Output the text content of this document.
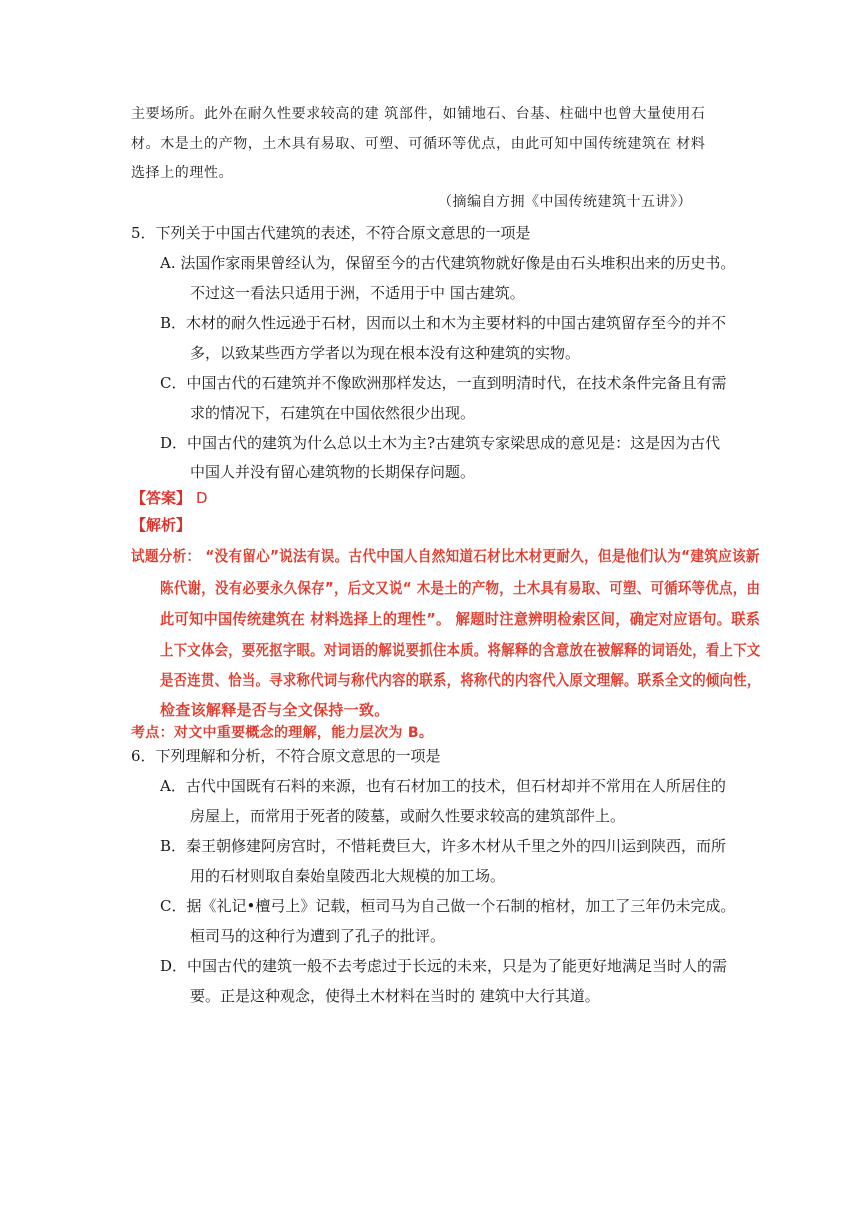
主要场所。此外在耐久性要求较高的建 筑部件，如铺地石、台基、柱础中也曾大量使用石
材。木是土的产物，土木具有易取、可塑、可循环等优点，由此可知中国传统建筑在 材料
选择上的理性。
（摘编自方拥《中国传统建筑十五讲》）
5．下列关于中国古代建筑的表述，不符合原文意思的一项是
A. 法国作家雨果曾经认为，保留至今的古代建筑物就好像是由石头堆积出来的历史书。
不过这一看法只适用于洲，不适用于中 国古建筑。
B．木材的耐久性远逊于石材，因而以土和木为主要材料的中国古建筑留存至今的并不
多，以致某些西方学者以为现在根本没有这种建筑的实物。
C．中国古代的石建筑并不像欧洲那样发达，一直到明清时代，在技术条件完备且有需
求的情况下，石建筑在中国依然很少出现。
D．中国古代的建筑为什么总以土木为主?古建筑专家梁思成的意见是：这是因为古代
中国人并没有留心建筑物的长期保存问题。
【答案】 D
【解析】
试题分析： “没有留心”说法有误。古代中国人自然知道石材比木材更耐久，但是他们认为“建筑应该新
陈代谢，没有必要永久保存”，后文又说“ 木是土的产物，土木具有易取、可塑、可循环等优点，由
此可知中国传统建筑在 材料选择上的理性”。 解题时注意辨明检索区间，确定对应语句。联系
上下文体会，要死抠字眼。对词语的解说要抓住本质。将解释的含意放在被解释的词语处，看上下文
是否连贯、恰当。寻求称代词与称代内容的联系，将称代的内容代入原文理解。联系全文的倾向性，
检查该解释是否与全文保持一致。
考点：对文中重要概念的理解，能力层次为 B。
6．下列理解和分析，不符合原文意思的一项是
A．古代中国既有石料的来源，也有石材加工的技术，但石材却并不常用在人所居住的
房屋上，而常用于死者的陵墓，或耐久性要求较高的建筑部件上。
B．秦王朝修建阿房宫时，不惜耗费巨大，许多木材从千里之外的四川运到陕西，而所
用的石材则取自秦始皇陵西北大规模的加工场。
C．据《礼记•檀弓上》记载，桓司马为自己做一个石制的棺材，加工了三年仍未完成。
桓司马的这种行为遭到了孔子的批评。
D．中国古代的建筑一般不去考虑过于长远的未来，只是为了能更好地满足当时人的需
要。正是这种观念，使得土木材料在当时的 建筑中大行其道。
